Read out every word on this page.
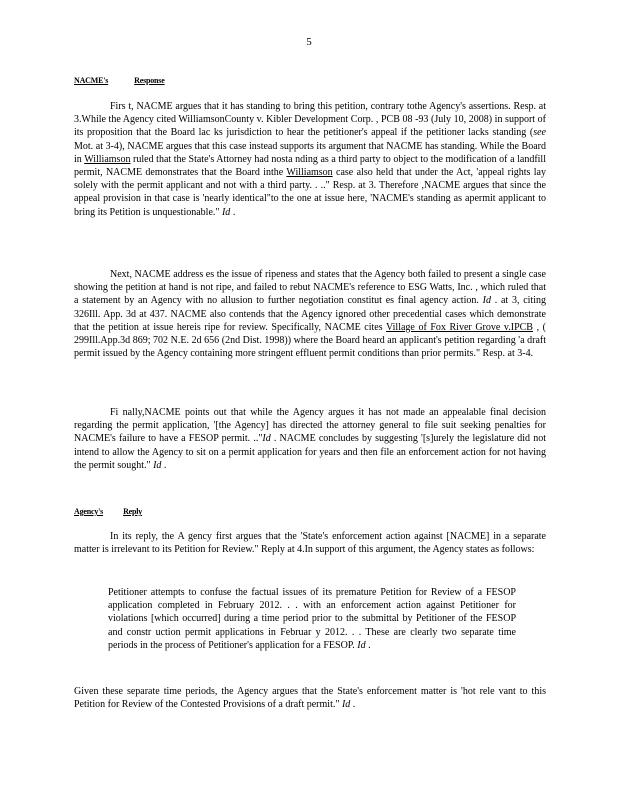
5
NACME's	Response

Firs t, NACME argues that it has standing to bring this petition, contrary tothe Agency's assertions. Resp. at 3.While the Agency cited WilliamsonCounty v. Kibler Development Corp. , PCB 08 -93 (July 10, 2008) in support of its proposition that the Board lac ks jurisdiction to hear the petitioner's appeal if the petitioner lacks standing (see Mot. at 3-4), NACME argues that this case instead supports its argument that NACME has standing. While the Board in Williamson ruled that the State's Attorney had nosta nding as a third party to object to the modification of a landfill permit, NACME demonstrates that the Board inthe Williamson case also held that under the Act, 'appeal rights lay solely with the permit applicant and not with a third party. . .." Resp. at 3. Therefore ,NACME argues that since the appeal provision in that case is 'nearly identical"to the one at issue here, 'NACME's standing as apermit applicant to bring its Petition is unquestionable." Id .

Next, NACME address es the issue of ripeness and states that the Agency both failed to present a single case showing the petition at hand is not ripe, and failed to rebut NACME's reference to ESG Watts, Inc. , which ruled that a statement by an Agency with no allusion to further negotiation constitut es final agency action. Id . at 3, citing 326Ill. App. 3d at 437. NACME also contends that the Agency ignored other precedential cases which demonstrate that the petition at issue hereis ripe for review. Specifically, NACME cites Village of Fox River Grove v.IPCB , ( 299Ill.App.3d 869; 702 N.E. 2d 656 (2nd Dist. 1998)) where the Board heard an applicant's petition regarding 'a draft permit issued by the Agency containing more stringent effluent permit conditions than prior permits." Resp. at 3-4.

Fi nally,NACME points out that while the Agency argues it has not made an appealable final decision regarding the permit application, '[the Agency] has directed the attorney general to file suit seeking penalties for NACME's failure to have a FESOP permit. .."Id . NACME concludes by suggesting '[s]urely the legislature did not intend to allow the Agency to sit on a permit application for years and then file an enforcement action for not having the permit sought." Id .

Agency's	Reply

In its reply, the A gency first argues that the 'State's enforcement action against [NACME] in a separate matter is irrelevant to its Petition for Review." Reply at 4.In support of this argument, the Agency states as follows:

Petitioner attempts to confuse the factual issues of its premature Petition for Review of a FESOP application completed in February 2012. . . with an enforcement action against Petitioner for violations [which occurred] during a time period prior to the submittal by Petitioner of the FESOP and constr uction permit applications in Februar y 2012. . . These are clearly two separate time periods in the process of Petitioner's application for a FESOP. Id .

Given these separate time periods, the Agency argues that the State's enforcement matter is 'hot rele vant to this Petition for Review of the Contested Provisions of a draft permit." Id .
